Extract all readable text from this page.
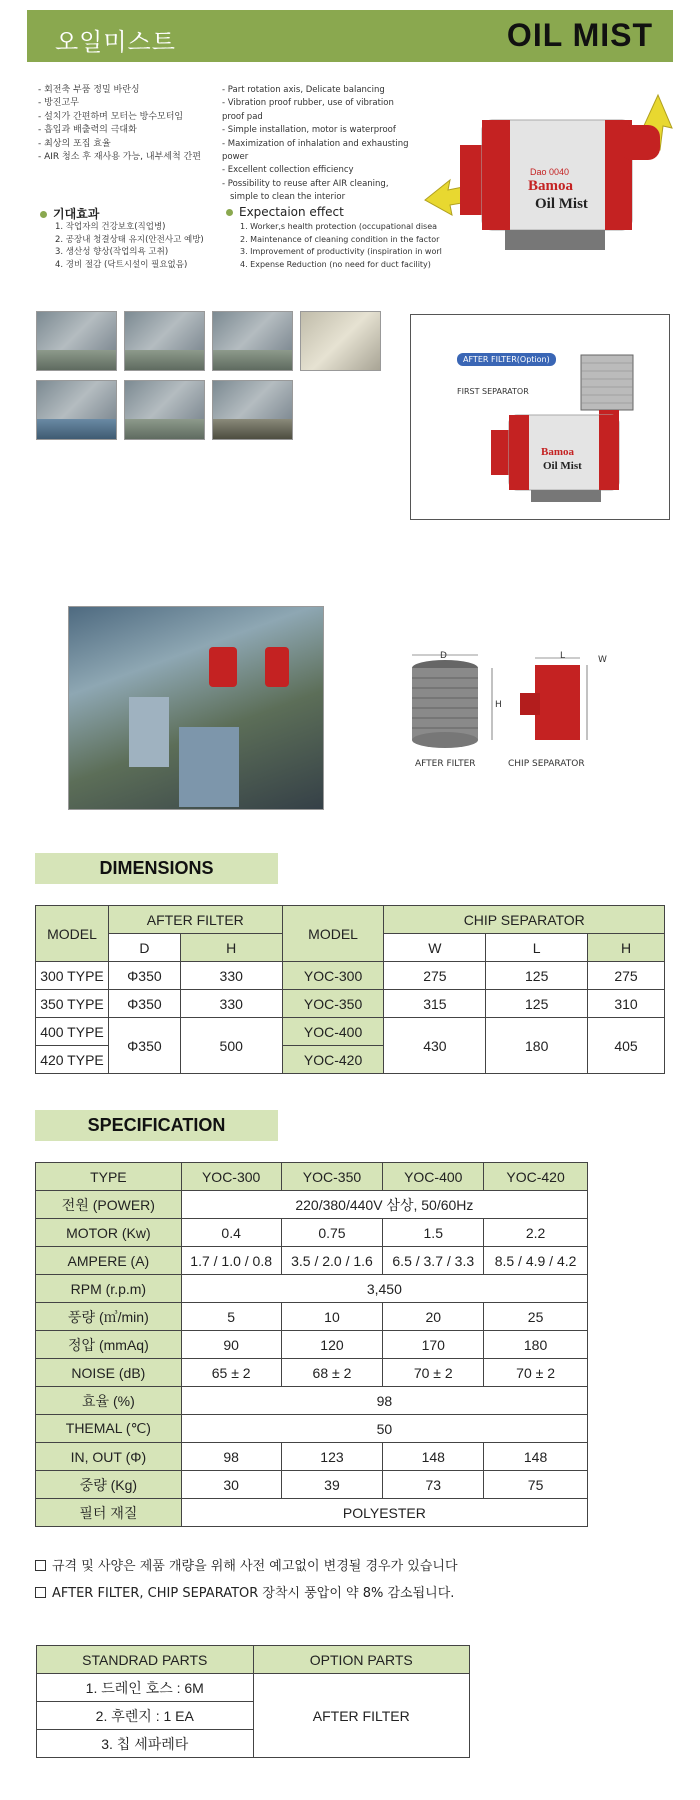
오일미스트	OIL MIST
- 회전축 부품 정밀 바란싱
- 방진고무
- 설치가 간편하며 모터는 방수모터임
- 흡입과 배출력의 극대화
- 최상의 포집 효율
- AIR 청소 후 재사용 가능, 내부세척 간편
- Part rotation axis, Delicate balancing
- Vibration proof rubber, use of vibration proof pad
- Simple installation, motor is waterproof
- Maximization of inhalation and exhausting power
- Excellent collection efficiency
- Possibility to reuse after AIR cleaning,
simple to clean the interior
기대효과	Expectaion effect
1. 작업자의 건강보호(직업병)
2. 공장내 청결상태 유지(안전사고 예방)
3. 생산성 향상(작업의욕 고취)
4. 경비 절감 (닥트시설이 필요없음)
1. Worker,s health protection (occupational disea
2. Maintenance of cleaning condition in the factor
3. Improvement of productivity (inspiration in worl
4. Expense Reduction (no need for duct facility)
Dao 0040
Bamoa
Oil Mist
AFTER FILTER(Option)
FIRST SEPARATOR
Bamoa
Oil Mist
D
H
L	W
AFTER FILTER	CHIP SEPARATOR
DIMENSIONS
MODEL	AFTER FILTER		MODEL	CHIP SEPARATOR		
	D	H		W	L	H
300 TYPE	Φ350	330	YOC-300	275	125	275
350 TYPE	Φ350	330	YOC-350	315	125	310
400 TYPE	Φ350	500	YOC-400	430	180	405
420 TYPE			YOC-420			
SPECIFICATION
TYPE	YOC-300	YOC-350	YOC-400	YOC-420
전원 (POWER)	220/380/440V 삼상, 50/60Hz			
MOTOR (Kw)	0.4	0.75	1.5	2.2
AMPERE (A)	1.7 / 1.0 / 0.8	3.5 / 2.0 / 1.6	6.5 / 3.7 / 3.3	8.5 / 4.9 / 4.2
RPM (r.p.m)	3,450			
풍량 (㎥/min)	5	10	20	25
정압 (mmAq)	90	120	170	180
NOISE (dB)	65 ± 2	68 ± 2	70 ± 2	70 ± 2
효율 (%)	98			
THEMAL (℃)	50			
IN, OUT (Φ)	98	123	148	148
중량 (Kg)	30	39	73	75
필터 재질	POLYESTER			
규격 및 사양은 제품 개량을 위해 사전 예고없이 변경될 경우가 있습니다
AFTER FILTER, CHIP SEPARATOR 장착시 풍압이 약 8% 감소됩니다.
STANDRAD PARTS	OPTION PARTS
1. 드레인 호스 : 6M	AFTER FILTER
2. 후렌지 : 1 EA	
3. 칩 세파레타	
